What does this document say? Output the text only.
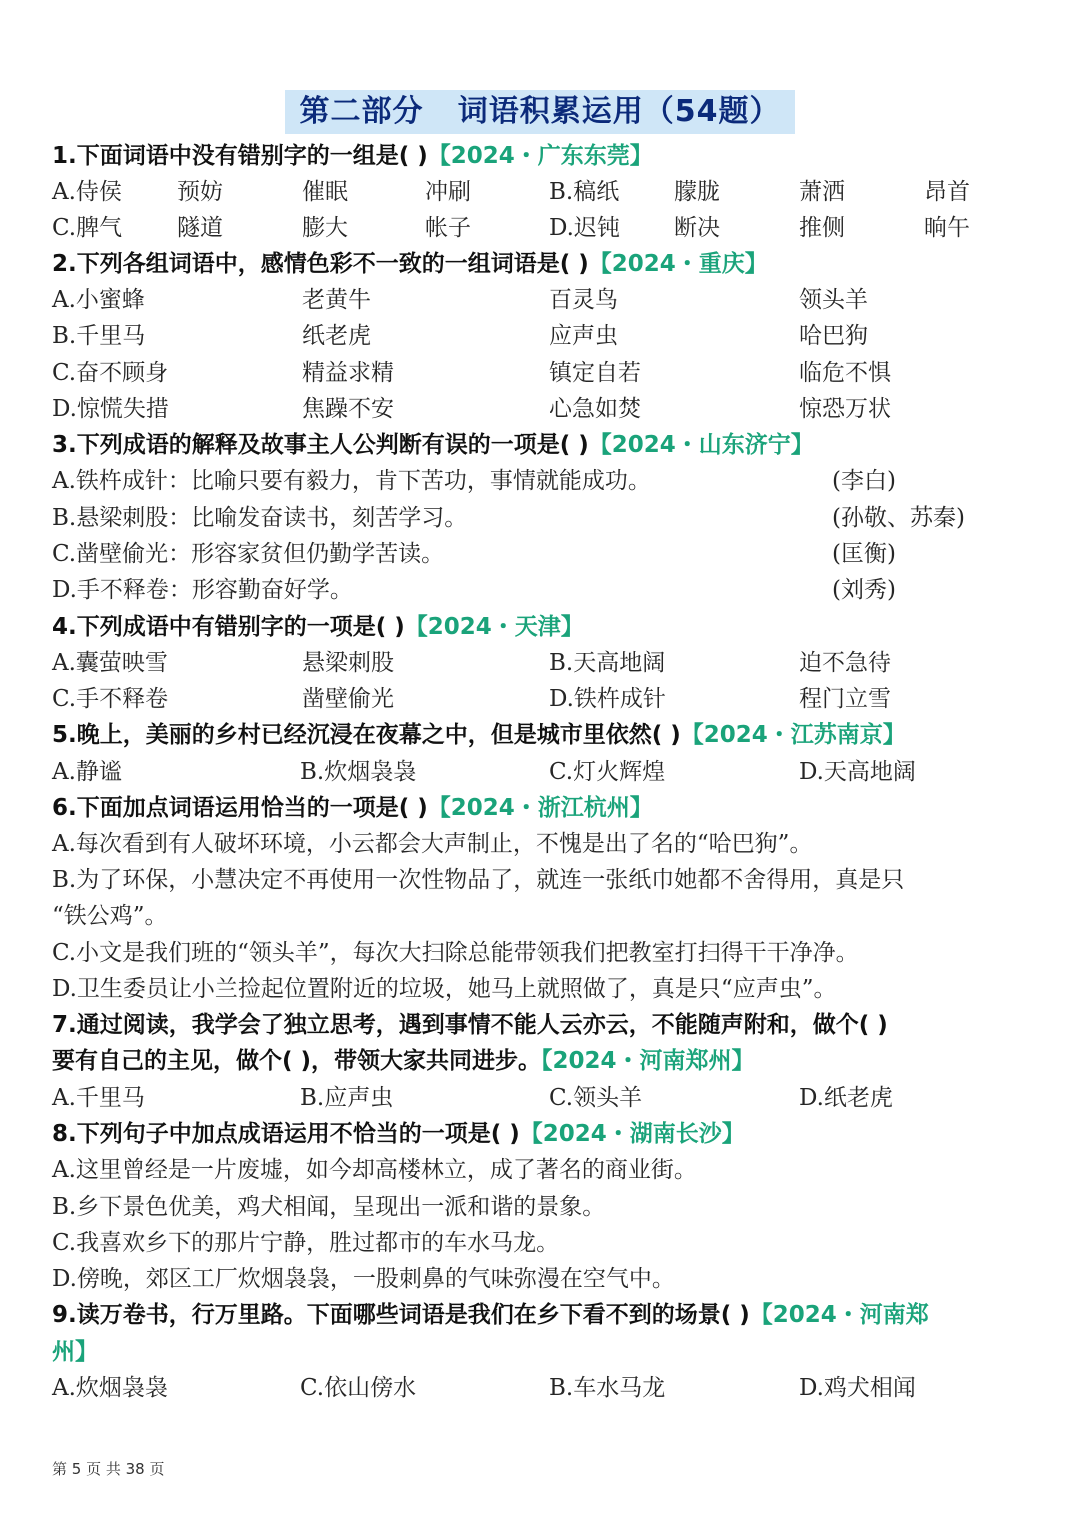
第二部分   词语积累运用（54题）
1.下面词语中没有错别字的一组是( )【2024・广东东莞】
A.侍侯 预妨	催眠	冲刷	B.稿纸 朦胧	萧洒	昂首
C.脾气 隧道	膨大	帐子	D.迟钝 断决	推侧	晌午
2.下列各组词语中，感情色彩不一致的一组词语是( )【2024・重庆】
A.小蜜蜂	老黄牛	百灵鸟	领头羊
B.千里马	纸老虎	应声虫	哈巴狗
C.奋不顾身	精益求精	镇定自若	临危不惧
D.惊慌失措	焦躁不安	心急如焚	惊恐万状
3.下列成语的解释及故事主人公判断有误的一项是( )【2024・山东济宁】
A.铁杵成针：比喻只要有毅力，肯下苦功，事情就能成功。	(李白)
B.悬梁刺股：比喻发奋读书，刻苦学习。	(孙敬、苏秦)
C.凿壁偷光：形容家贫但仍勤学苦读。	(匡衡)
D.手不释卷：形容勤奋好学。	(刘秀)
4.下列成语中有错别字的一项是( )【2024・天津】
A.囊萤映雪	悬梁刺股	B.天高地阔	迫不急待
C.手不释卷	凿壁偷光	D.铁杵成针	程门立雪
5.晚上，美丽的乡村已经沉浸在夜幕之中，但是城市里依然( )【2024・江苏南京】
A.静谧	B.炊烟袅袅	C.灯火辉煌	D.天高地阔
6.下面加点词语运用恰当的一项是( )【2024・浙江杭州】
A.每次看到有人破坏环境，小云都会大声制止，不愧是出了名的“哈巴狗”。
B.为了环保，小慧决定不再使用一次性物品了，就连一张纸巾她都不舍得用，真是只
“铁公鸡”。
C.小文是我们班的“领头羊”，每次大扫除总能带领我们把教室打扫得干干净净。
D.卫生委员让小兰捡起位置附近的垃圾，她马上就照做了，真是只“应声虫”。
7.通过阅读，我学会了独立思考，遇到事情不能人云亦云，不能随声附和，做个( )
要有自己的主见，做个( )，带领大家共同进步。【2024・河南郑州】
A.千里马	B.应声虫	C.领头羊	D.纸老虎
8.下列句子中加点成语运用不恰当的一项是( )【2024・湖南长沙】
A.这里曾经是一片废墟，如今却高楼林立，成了著名的商业街。
B.乡下景色优美，鸡犬相闻，呈现出一派和谐的景象。
C.我喜欢乡下的那片宁静，胜过都市的车水马龙。
D.傍晚，郊区工厂炊烟袅袅，一股刺鼻的气味弥漫在空气中。
9.读万卷书，行万里路。下面哪些词语是我们在乡下看不到的场景( )【2024・河南郑
州】
A.炊烟袅袅	C.依山傍水	B.车水马龙	D.鸡犬相闻
第 5 页 共 38 页
